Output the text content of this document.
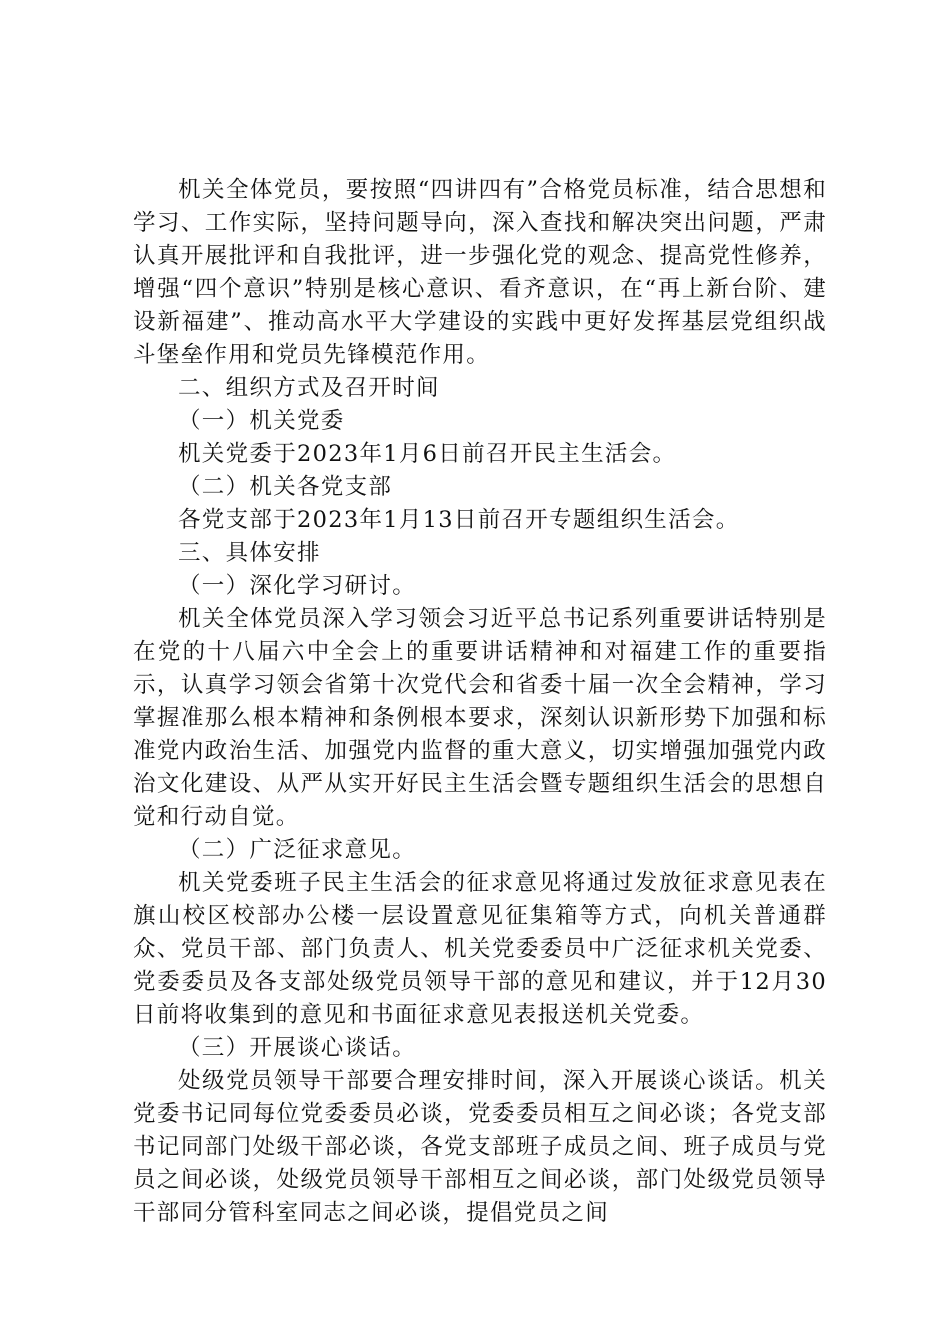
机关全体党员，要按照“四讲四有”合格党员标准，结合思想和学习、工作实际，坚持问题导向，深入查找和解决突出问题，严肃认真开展批评和自我批评，进一步强化党的观念、提高党性修养，增强“四个意识”特别是核心意识、看齐意识，在“再上新台阶、建设新福建”、推动高水平大学建设的实践中更好发挥基层党组织战斗堡垒作用和党员先锋模范作用。

二、组织方式及召开时间

（一）机关党委

机关党委于2023年1月6日前召开民主生活会。

（二）机关各党支部

各党支部于2023年1月13日前召开专题组织生活会。

三、具体安排

（一）深化学习研讨。

机关全体党员深入学习领会习近平总书记系列重要讲话特别是在党的十八届六中全会上的重要讲话精神和对福建工作的重要指示，认真学习领会省第十次党代会和省委十届一次全会精神，学习掌握准那么根本精神和条例根本要求，深刻认识新形势下加强和标准党内政治生活、加强党内监督的重大意义，切实增强加强党内政治文化建设、从严从实开好民主生活会暨专题组织生活会的思想自觉和行动自觉。

（二）广泛征求意见。

机关党委班子民主生活会的征求意见将通过发放征求意见表在旗山校区校部办公楼一层设置意见征集箱等方式，向机关普通群众、党员干部、部门负责人、机关党委委员中广泛征求机关党委、党委委员及各支部处级党员领导干部的意见和建议，并于12月30日前将收集到的意见和书面征求意见表报送机关党委。

（三）开展谈心谈话。

处级党员领导干部要合理安排时间，深入开展谈心谈话。机关党委书记同每位党委委员必谈，党委委员相互之间必谈；各党支部书记同部门处级干部必谈，各党支部班子成员之间、班子成员与党员之间必谈，处级党员领导干部相互之间必谈，部门处级党员领导干部同分管科室同志之间必谈，提倡党员之间
